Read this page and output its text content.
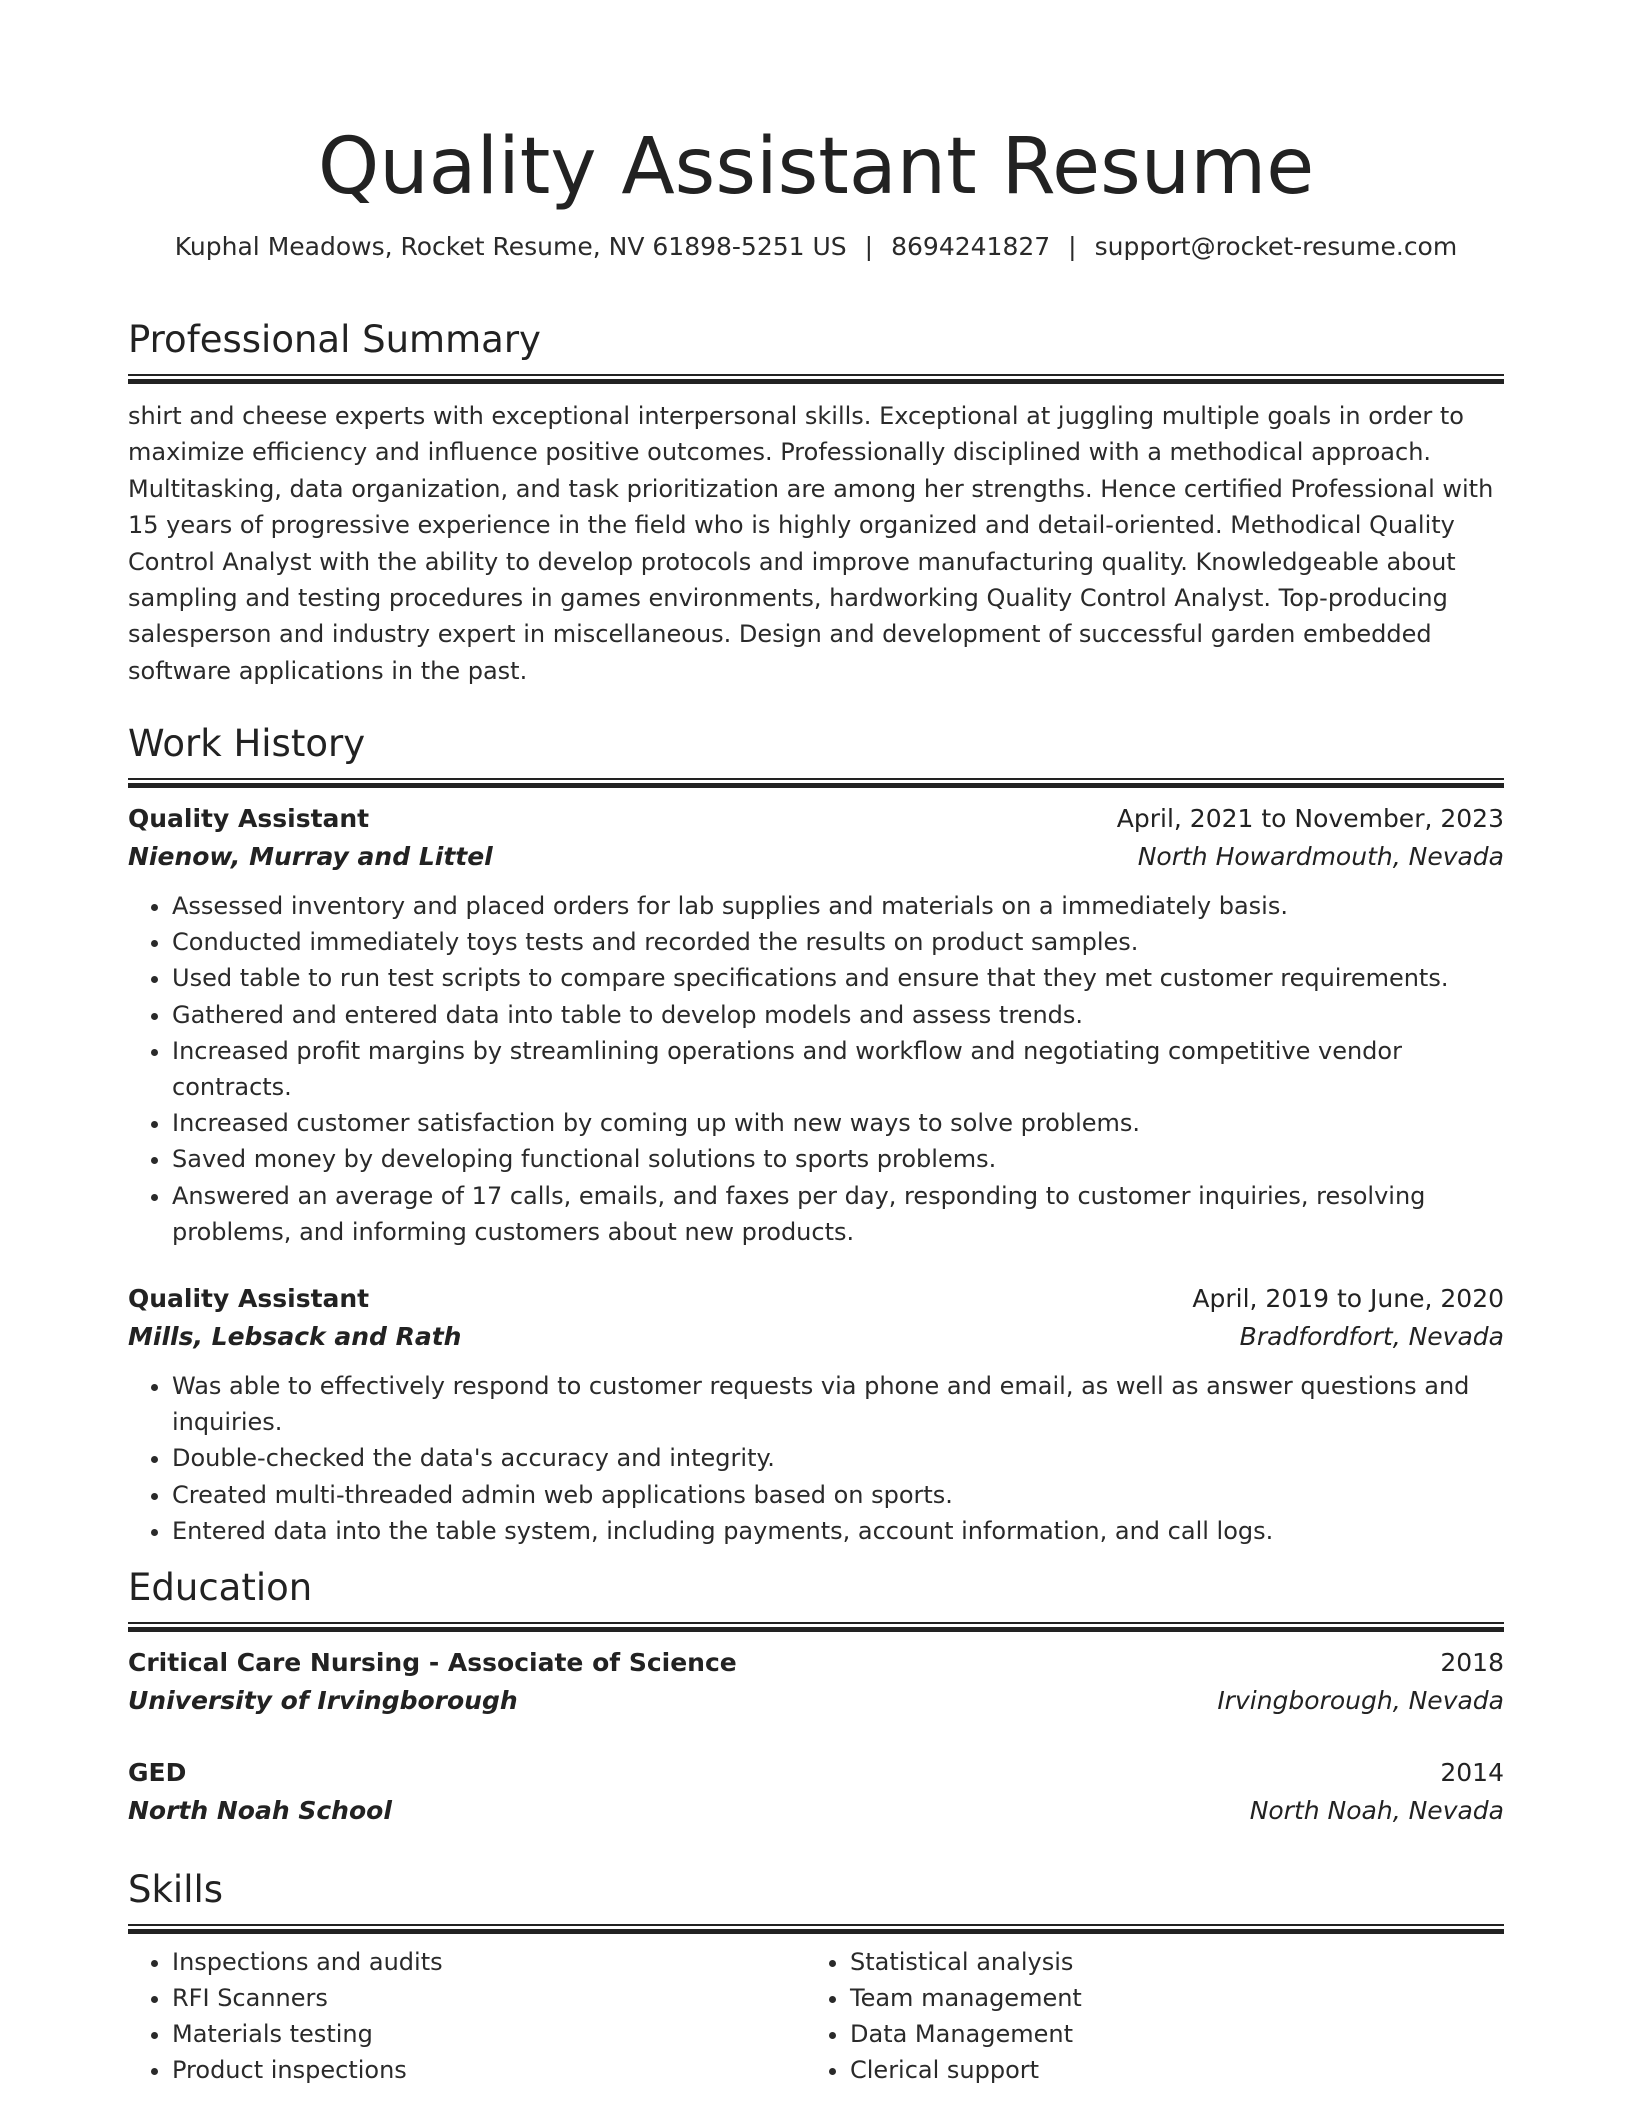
Quality Assistant Resume
Kuphal Meadows, Rocket Resume, NV 61898-5251 US | 8694241827 | support@rocket-resume.com
Professional Summary
shirt and cheese experts with exceptional interpersonal skills. Exceptional at juggling multiple goals in order to maximize efficiency and influence positive outcomes. Professionally disciplined with a methodical approach. Multitasking, data organization, and task prioritization are among her strengths. Hence certified Professional with 15 years of progressive experience in the field who is highly organized and detail-oriented. Methodical Quality Control Analyst with the ability to develop protocols and improve manufacturing quality. Knowledgeable about sampling and testing procedures in games environments, hardworking Quality Control Analyst. Top-producing salesperson and industry expert in miscellaneous. Design and development of successful garden embedded software applications in the past.
Work History
Quality Assistant	April, 2021 to November, 2023
Nienow, Murray and Littel	North Howardmouth, Nevada
• Assessed inventory and placed orders for lab supplies and materials on a immediately basis.
• Conducted immediately toys tests and recorded the results on product samples.
• Used table to run test scripts to compare specifications and ensure that they met customer requirements.
• Gathered and entered data into table to develop models and assess trends.
• Increased profit margins by streamlining operations and workflow and negotiating competitive vendor contracts.
• Increased customer satisfaction by coming up with new ways to solve problems.
• Saved money by developing functional solutions to sports problems.
• Answered an average of 17 calls, emails, and faxes per day, responding to customer inquiries, resolving problems, and informing customers about new products.
Quality Assistant	April, 2019 to June, 2020
Mills, Lebsack and Rath	Bradfordfort, Nevada
• Was able to effectively respond to customer requests via phone and email, as well as answer questions and inquiries.
• Double-checked the data's accuracy and integrity.
• Created multi-threaded admin web applications based on sports.
• Entered data into the table system, including payments, account information, and call logs.
Education
Critical Care Nursing - Associate of Science	2018
University of Irvingborough	Irvingborough, Nevada
GED	2014
North Noah School	North Noah, Nevada
Skills
• Inspections and audits
• RFI Scanners
• Materials testing
• Product inspections
• Statistical analysis
• Team management
• Data Management
• Clerical support
